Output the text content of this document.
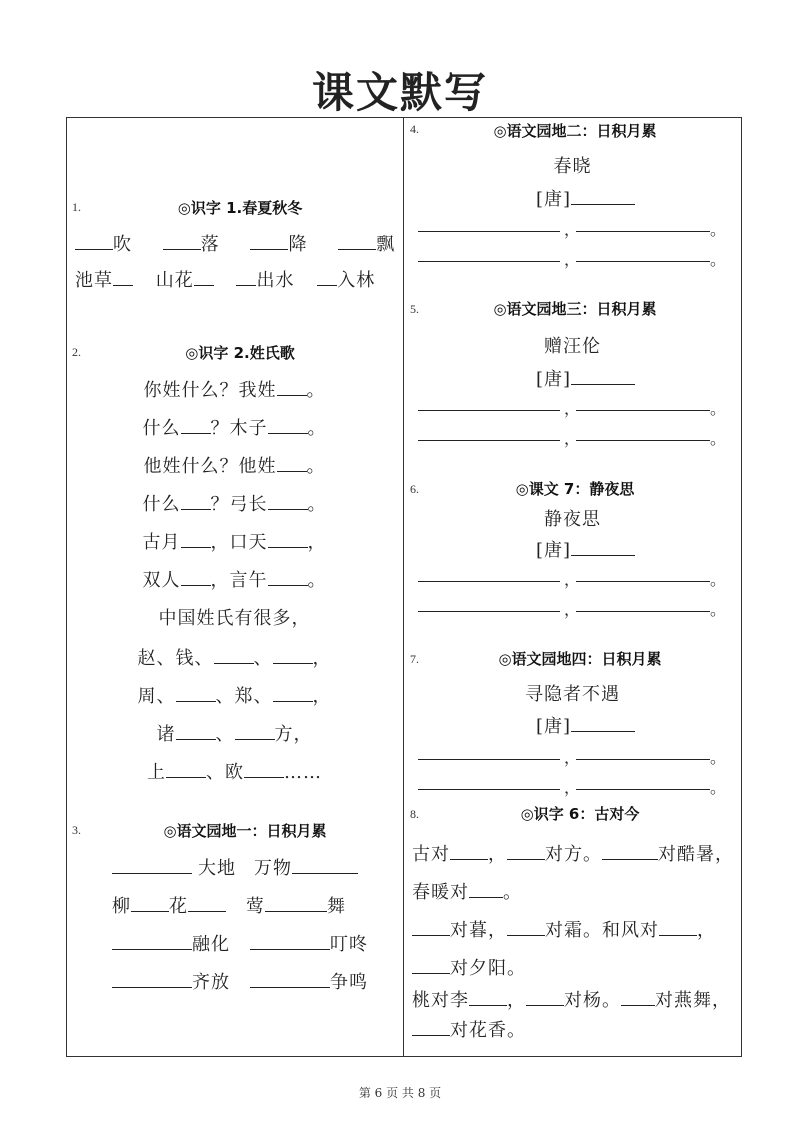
课文默写
1.	◎识字 1.春夏秋冬
吹	落	降	飘
池草 山花	出水 入林
2.	◎识字 2.姓氏歌
你姓什么？我姓 。
什么 ？木子 。
他姓什么？他姓 。
什么 ？弓长 。
古月 ，口天 ，
双人 ，言午 。
中国姓氏有很多，
赵、钱、 、 ，
周、 、郑、 ，
诸 、 方，
上 、欧 ……
3.	◎语文园地一：日积月累
大地 万物
柳 花	莺	舞
融化	叮咚
齐放	争鸣
4.	◎语文园地二：日积月累
春晓
[唐]
，	。
，	。
5.	◎语文园地三：日积月累
赠汪伦
[唐]
，	。
，	。
6.	◎课文 7：静夜思
静夜思
[唐]
，	。
，	。
7.	◎语文园地四：日积月累
寻隐者不遇
[唐]
，	。
，	。
8.	◎识字 6：古对今
古对 ， 对方。	对酷暑，
春暖对 。
对暮， 对霜。和风对 ，
对夕阳。
桃对李 ， 对杨。 对燕舞，
对花香。
第 6 页 共 8 页
